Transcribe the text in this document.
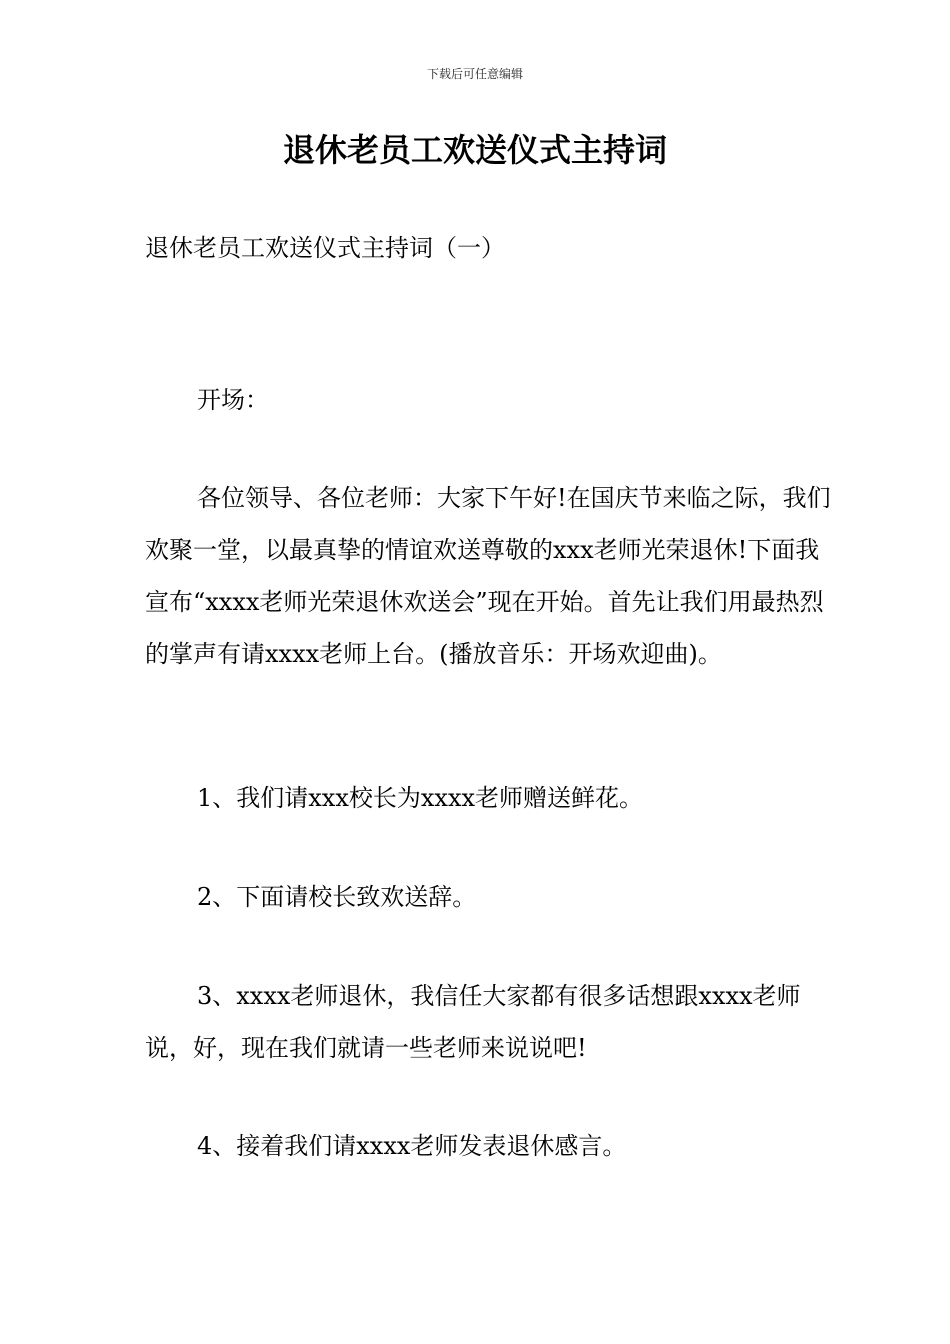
下载后可任意编辑
退休老员工欢送仪式主持词
退休老员工欢送仪式主持词（一）

开场：

各位领导、各位老师：大家下午好!在国庆节来临之际，我们欢聚一堂，以最真挚的情谊欢送尊敬的xxx老师光荣退休!下面我宣布“xxxx老师光荣退休欢送会”现在开始。首先让我们用最热烈的掌声有请xxxx老师上台。(播放音乐：开场欢迎曲)。

1、我们请xxx校长为xxxx老师赠送鲜花。

2、下面请校长致欢送辞。

3、xxxx老师退休，我信任大家都有很多话想跟xxxx老师说，好，现在我们就请一些老师来说说吧!

4、接着我们请xxxx老师发表退休感言。
